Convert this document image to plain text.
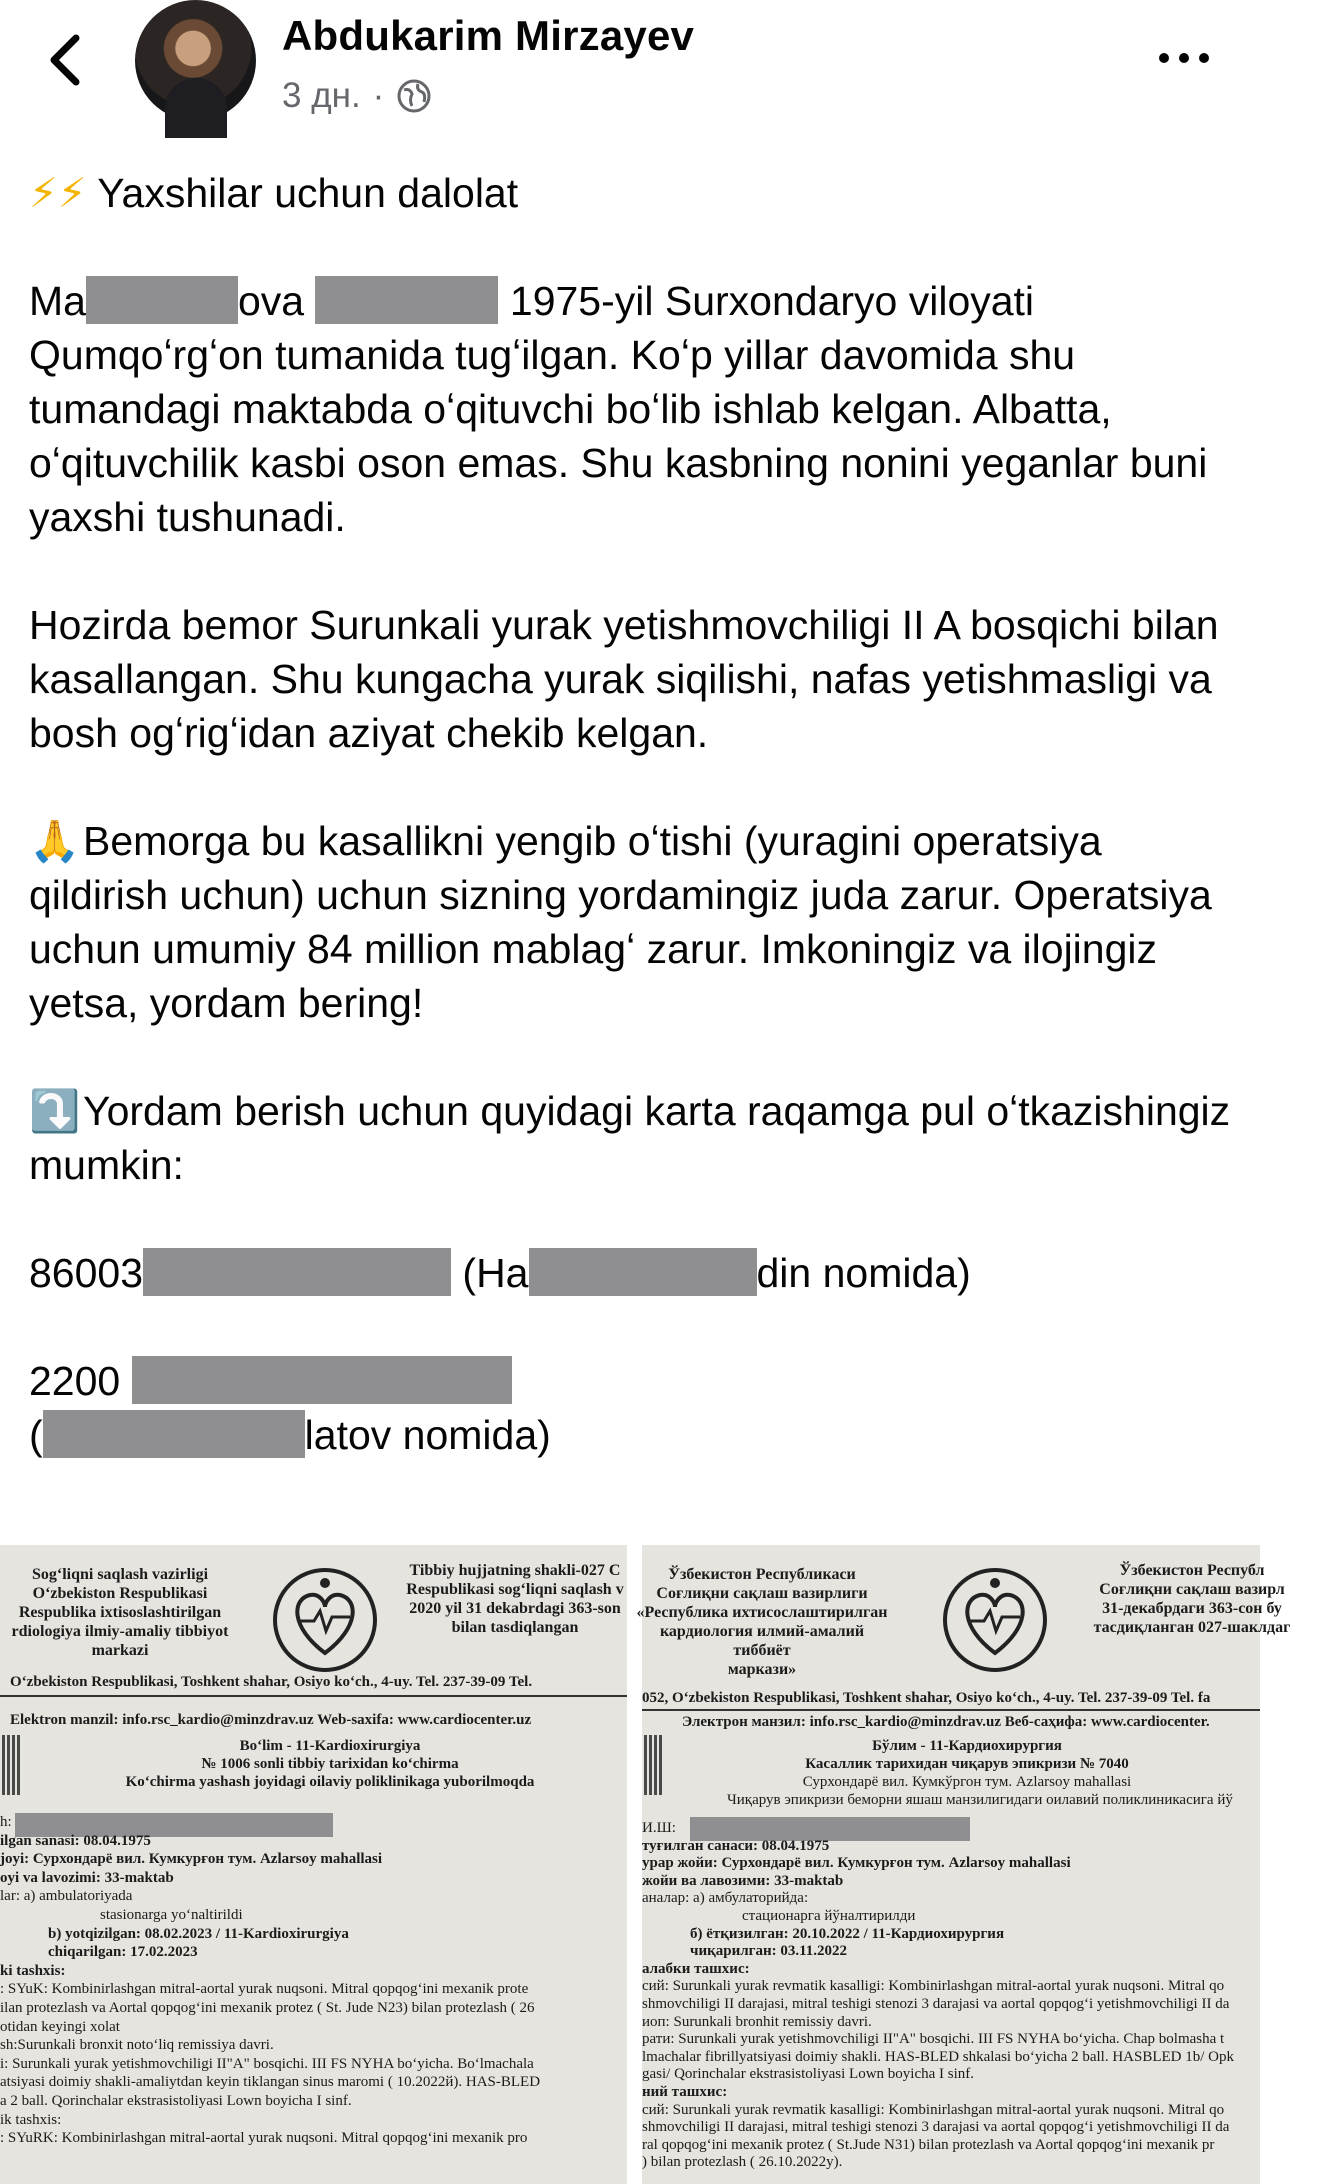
Abdukarim Mirzayev
3 дн. ·

⚡⚡ Yaxshilar uchun dalolat

Ma	ova	1975-yil Surxondaryo viloyati Qumqoʻrgʻon tumanida tugʻilgan. Koʻp yillar davomida shu tumandagi maktabda oʻqituvchi boʻlib ishlab kelgan. Albatta, oʻqituvchilik kasbi oson emas. Shu kasbning nonini yeganlar buni yaxshi tushunadi.

Hozirda bemor Surunkali yurak yetishmovchiligi II A bosqichi bilan kasallangan. Shu kungacha yurak siqilishi, nafas yetishmasligi va bosh ogʻrigʻidan aziyat chekib kelgan.

🙏Bemorga bu kasallikni yengib oʻtishi (yuragini operatsiya qildirish uchun) uchun sizning yordamingiz juda zarur. Operatsiya uchun umumiy 84 million mablagʻ zarur. Imkoningiz va ilojingiz yetsa, yordam bering!

⤵️Yordam berish uchun quyidagi karta raqamga pul oʻtkazishingiz mumkin:

86003	(Ha	din nomida)

2200
(	latov nomida)

Sogʻliqni saqlash vazirligi
Oʻzbekiston Respublikasi
Respublika ixtisoslashtirilgan
rdiologiya ilmiy-amaliy tibbiyot
markazi
Tibbiy hujjatning shakli-027 C
Respublikasi sogʻliqni saqlash v
2020 yil 31 dekabrdagi 363-son
bilan tasdiqlangan
Oʻzbekiston Respublikasi, Toshkent shahar, Osiyo koʻch., 4-uy. Tel. 237-39-09 Tel.
Elektron manzil: info.rsc_kardio@minzdrav.uz Web-saxifa: www.cardiocenter.uz
Boʻlim - 11-Kardioxirurgiya
№ 1006 sonli tibbiy tarixidan koʻchirma
Koʻchirma yashash joyidagi oilaviy poliklinikaga yuborilmoqda
h:
ilgan sanasi: 08.04.1975
joyi: Сурхондарё вил. Кумкурғон тум. Azlarsoy mahallasi
oyi va lavozimi: 33-maktab
lar: a) ambulatoriyada
stasionarga yoʻnaltirildi
b) yotqizilgan: 08.02.2023 / 11-Kardioxirurgiya
chiqarilgan: 17.02.2023
ki tashxis:
: SYuK: Kombinirlashgan mitral-aortal yurak nuqsoni. Mitral qopqogʻini mexanik prote
ilan protezlash va Aortal qopqogʻini mexanik protez ( St. Jude N23) bilan protezlash ( 26
otidan keyingi xolat
sh:Surunkali bronxit notoʻliq remissiya davri.
i: Surunkali yurak yetishmovchiligi II"A" bosqichi. III FS NYHA boʻyicha. Boʻlmachala
atsiyasi doimiy shakli-amaliytdan keyin tiklangan sinus maromi ( 10.2022й). HAS-BLED
a 2 ball. Qorinchalar ekstrasistoliyasi Lown boyicha I sinf.
ik tashxis:
: SYuRK: Kombinirlashgan mitral-aortal yurak nuqsoni. Mitral qopqogʻini mexanik pro
Ўзбекистон Республикаси
Соғлиқни сақлаш вазирлиги
«Республика ихтисослаштирилган
кардиология илмий-амалий тиббиёт
маркази»
Ўзбекистон Республ
Соғлиқни сақлаш вазирл
31-декабрдаги 363-сон бу
тасдиқланган 027-шаклдаг
052, Oʻzbekiston Respublikasi, Toshkent shahar, Osiyo koʻch., 4-uy. Tel. 237-39-09 Tel. fa
Электрон манзил: info.rsc_kardio@minzdrav.uz Веб-саҳифа: www.cardiocenter.
Бўлим - 11-Кардиохирургия
Касаллик тарихидан чиқарув эпикризи № 7040
Сурхондарё вил. Кумкўргон тум. Azlarsoy mahallasi
Чиқарув эпикризи беморни яшаш манзилигидаги оилавий поликлиникасига йў
И.Ш:
туғилган санаси: 08.04.1975
урар жойи: Сурхондарё вил. Кумкурғон тум. Azlarsoy mahallasi
жойи ва лавозими: 33-maktab
аналар: а) амбулаторийда:
стационарга йўналтирилди
б) ётқизилган: 20.10.2022 / 11-Кардиохирургия
чиқарилган: 03.11.2022
алабки ташхис:
сий: Surunkali yurak revmatik kasalligi: Kombinirlashgan mitral-aortal yurak nuqsoni. Mitral qo
shmovchiligi II darajasi, mitral teshigi stenozi 3 darajasi va aortal qopqogʻi yetishmovchiligi II da
иоп: Surunkali bronhit remissiy davri.
рати: Surunkali yurak yetishmovchiligi II"A" bosqichi. III FS NYHA boʻyicha. Chap bolmasha t
lmachalar fibrillyatsiyasi doimiy shakli. HAS-BLED shkalasi boʻyicha 2 ball. HASBLED 1b/ Opk
gasi/ Qorinchalar ekstrasistoliyasi Lown boyicha I sinf.
ний ташхис:
сий: Surunkali yurak revmatik kasalligi: Kombinirlashgan mitral-aortal yurak nuqsoni. Mitral qo
shmovchiligi II darajasi, mitral teshigi stenozi 3 darajasi va aortal qopqogʻi yetishmovchiligi II da
ral qopqogʻini mexanik protez ( St.Jude N31) bilan protezlash va Aortal qopqogʻini mexanik pr
) bilan protezlash ( 26.10.2022y).
